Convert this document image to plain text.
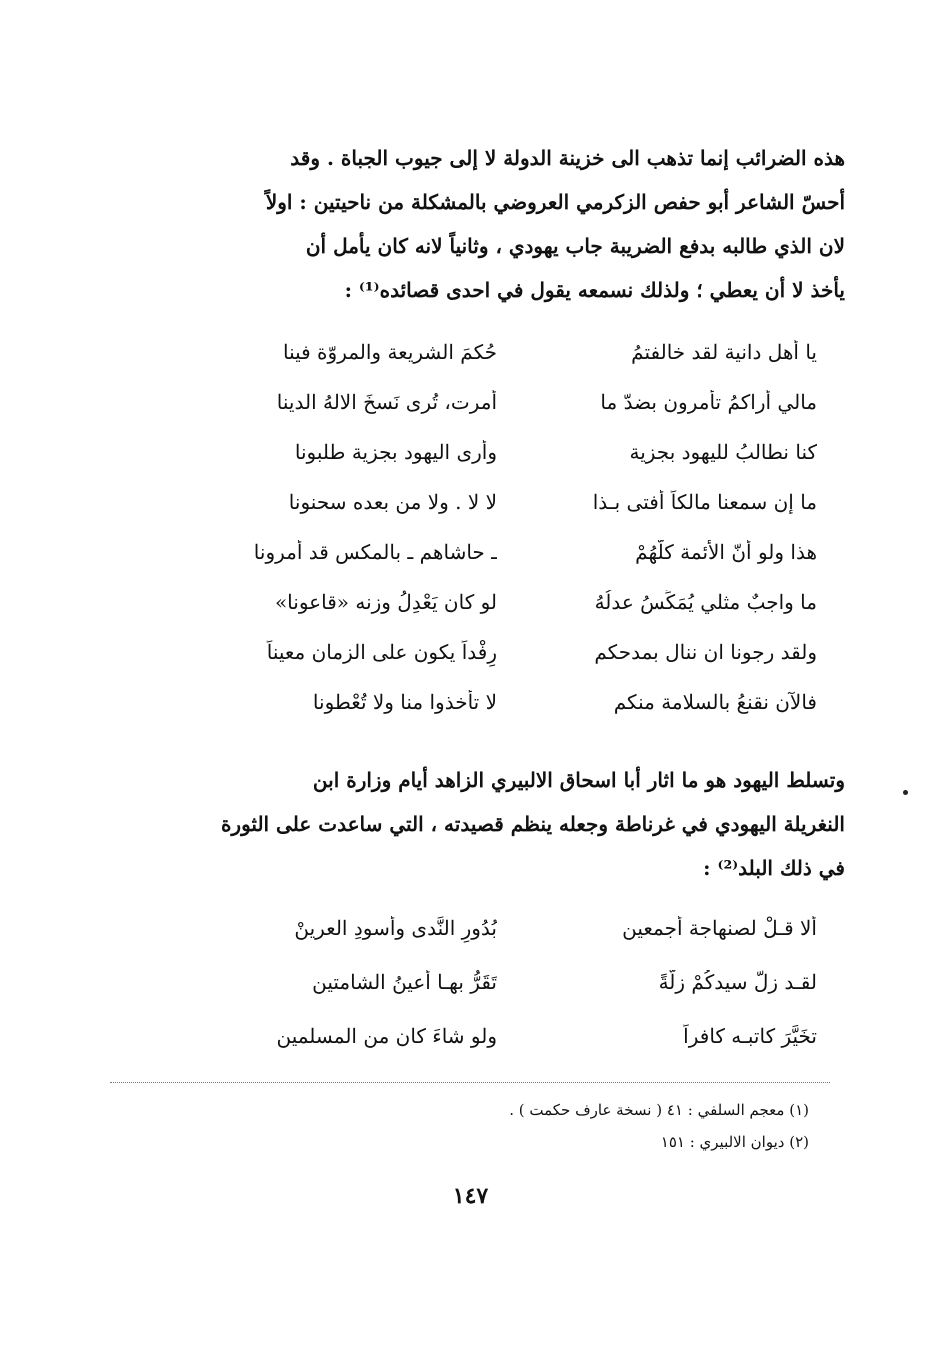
هذه الضرائب إنما تذهب الى خزينة الدولة لا إلى جيوب الجباة . وقد
أحسّ الشاعر أبو حفص الزكرمي العروضي بالمشكلة من ناحيتين : اولاً
لان الذي طالبه بدفع الضريبة جاب يهودي ، وثانياً لانه كان يأمل أن
يأخذ لا أن يعطي ؛ ولذلك نسمعه يقول في احدى قصائده⁽¹⁾ :
يا أهل دانية لقد خالفتمُ
حُكمَ الشريعة والمروّة فينا
مالي أراكمُ تأمرون بضدّ ما
أمرت، تُرى نَسخَ الالهُ الدينا
كنا نطالبُ لليهود بجزية
وأرى اليهود بجزية طلبونا
ما إن سمعنا مالكاً أفتى بـذا
لا لا . ولا من بعده سحنونا
هذا ولو أنّ الأئمة كلّهُمْ
ـ حاشاهم ـ بالمكس قد أمرونا
ما واجبٌ مثلي يُمَكِّسُ عدلُهُ
لو كان يَعْدِلُ وزنه «قاعونا»
ولقد رجونا ان ننال بمدحكم
رِفْداً يكون على الزمان معيناً
فالآن نقنعُ بالسلامة منكم
لا تأخذوا منا ولا تُعْطونا
وتسلط اليهود هو ما اثار أبا اسحاق الالبيري الزاهد أيام وزارة ابن
النغريلة اليهودي في غرناطة وجعله ينظم قصيدته ، التي ساعدت على الثورة
في ذلك البلد⁽²⁾ :
ألا قـلْ لصنهاجة أجمعين
بُدُورِ النَّدى وأُسودِ العرينْ
لقـد زلّ سيدكُمْ زلّةً
تَقَرُّ بهـا أعينُ الشامتين
تخَيَّرَ كاتبـه كافراً
ولو شاءَ كان من المسلمين
(١) معجم السلفي : ٤١ ( نسخة عارف حكمت ) .
(٢) ديوان الالبيري : ١٥١
١٤٧
